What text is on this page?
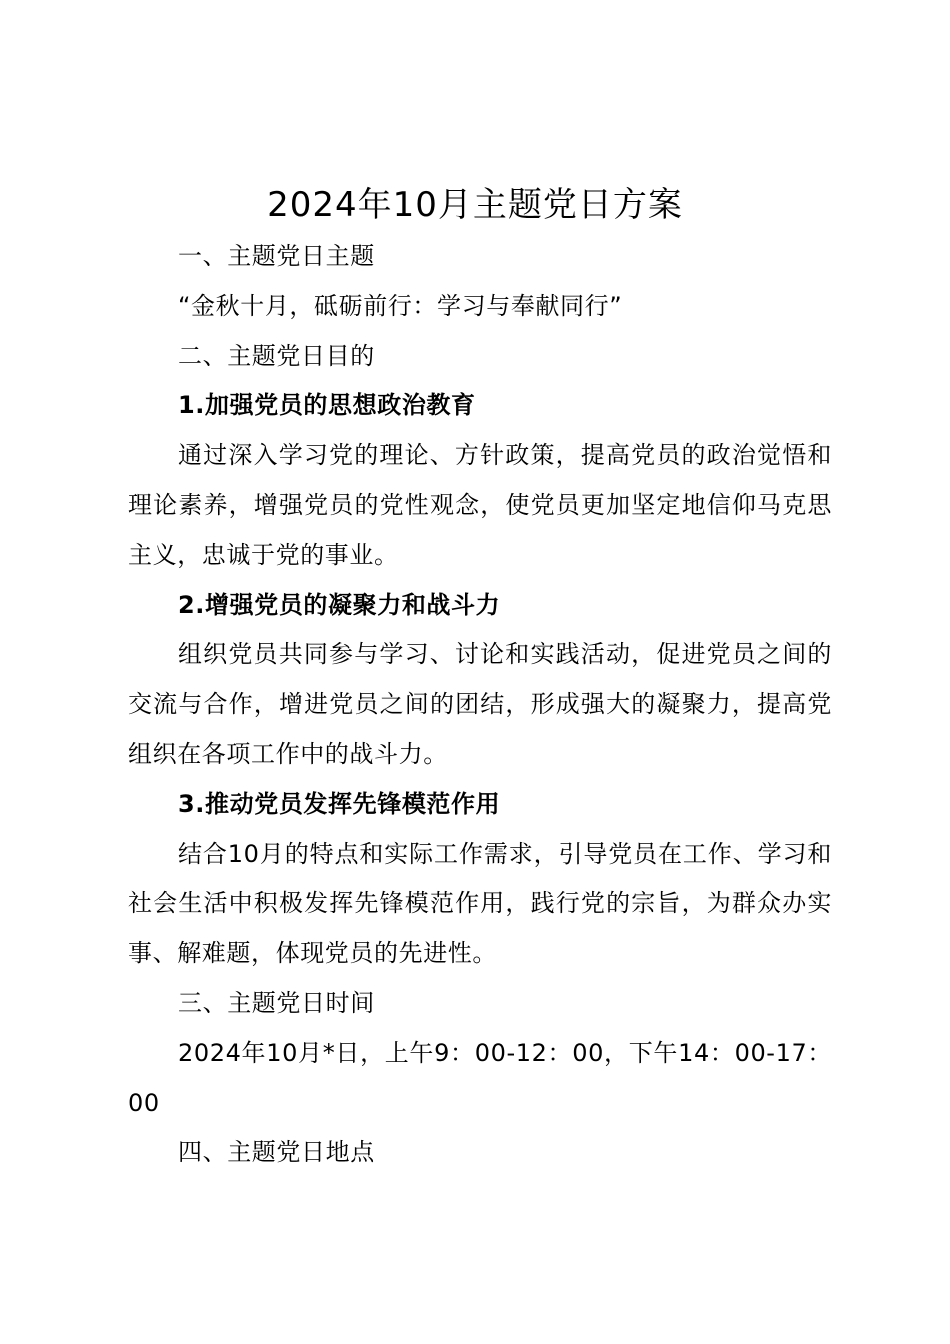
2024年10月主题党日方案

一、主题党日主题

“金秋十月，砥砺前行：学习与奉献同行”

二、主题党日目的

1.加强党员的思想政治教育

通过深入学习党的理论、方针政策，提高党员的政治觉悟和理论素养，增强党员的党性观念，使党员更加坚定地信仰马克思主义，忠诚于党的事业。

2.增强党员的凝聚力和战斗力

组织党员共同参与学习、讨论和实践活动，促进党员之间的交流与合作，增进党员之间的团结，形成强大的凝聚力，提高党组织在各项工作中的战斗力。

3.推动党员发挥先锋模范作用

结合10月的特点和实际工作需求，引导党员在工作、学习和社会生活中积极发挥先锋模范作用，践行党的宗旨，为群众办实事、解难题，体现党员的先进性。

三、主题党日时间

2024年10月*日，上午9：00-12：00，下午14：00-17：00

四、主题党日地点
